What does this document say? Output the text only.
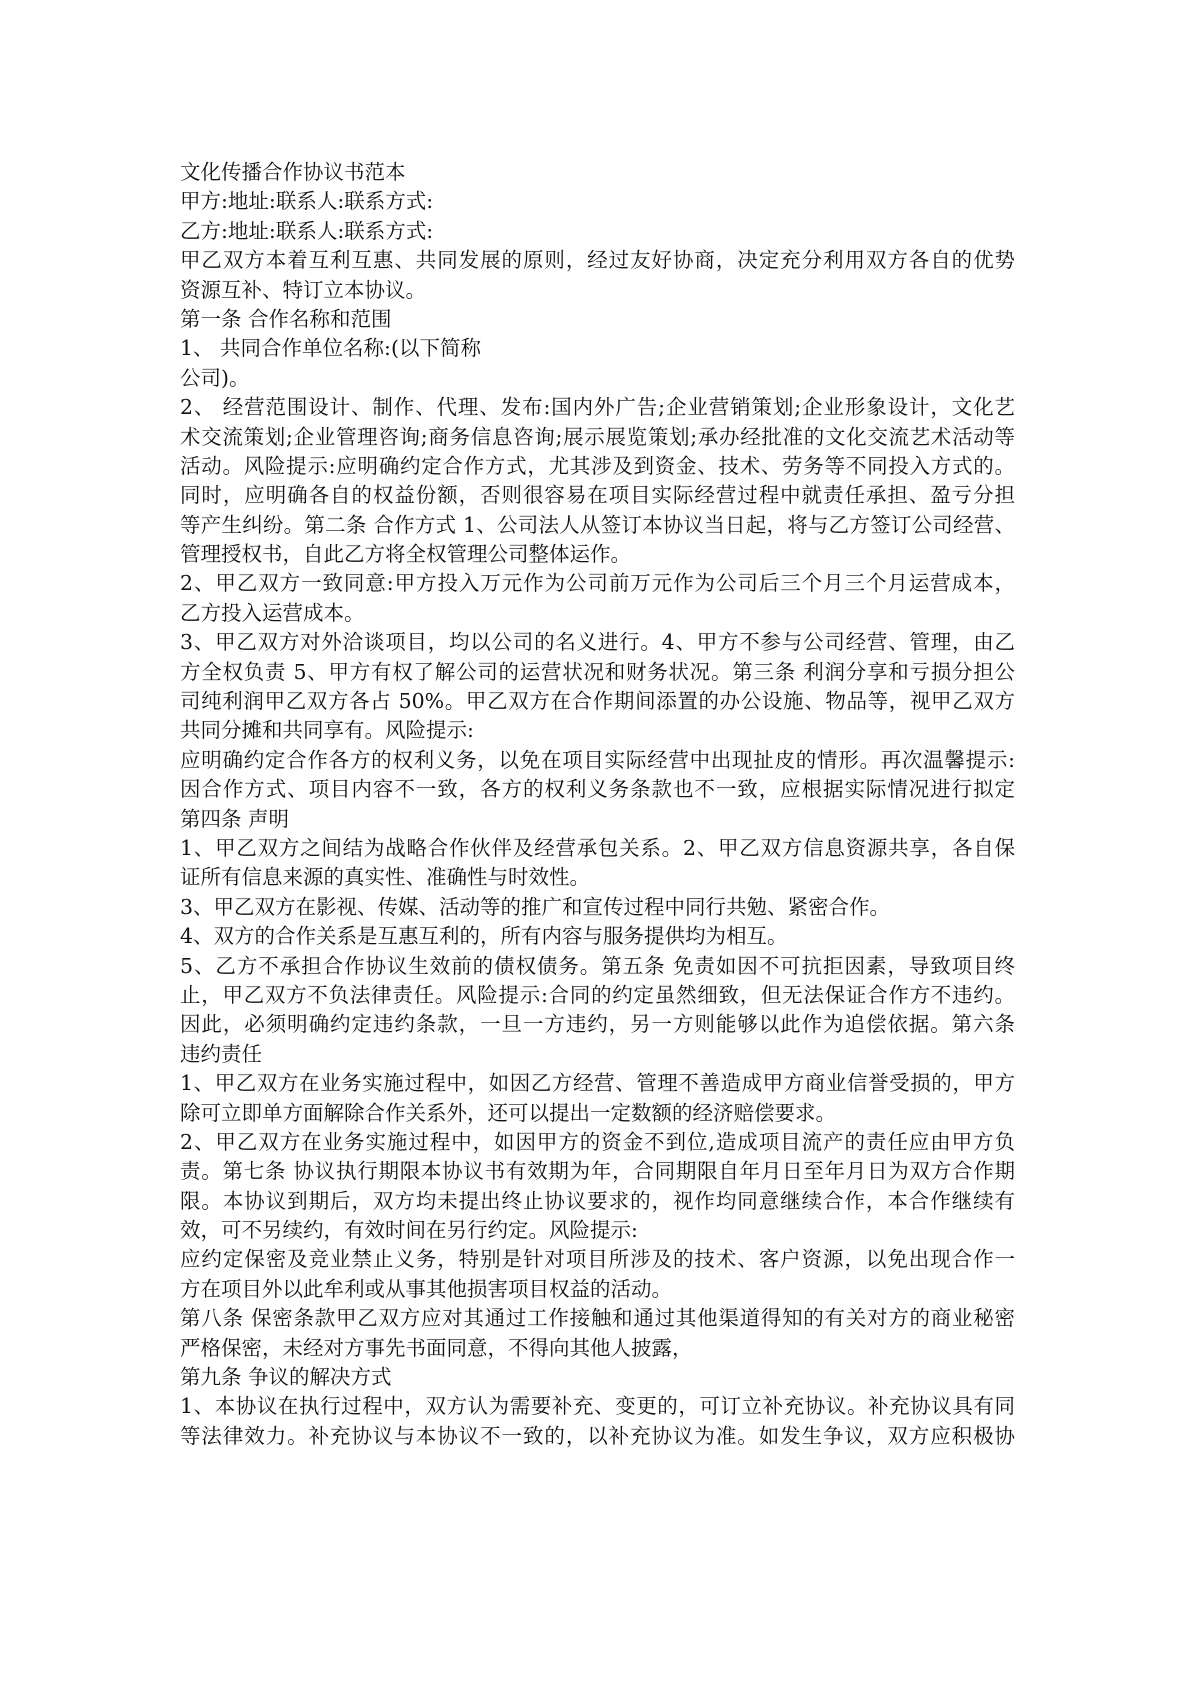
文化传播合作协议书范本
甲方:地址:联系人:联系方式:
乙方:地址:联系人:联系方式:
甲乙双方本着互利互惠、共同发展的原则，经过友好协商，决定充分利用双方各自的优势
资源互补、特订立本协议。
第一条 合作名称和范围
1、 共同合作单位名称:(以下简称
公司)。
2、 经营范围设计、制作、代理、发布:国内外广告;企业营销策划;企业形象设计，文化艺
术交流策划;企业管理咨询;商务信息咨询;展示展览策划;承办经批准的文化交流艺术活动等
活动。风险提示:应明确约定合作方式，尤其涉及到资金、技术、劳务等不同投入方式的。
同时，应明确各自的权益份额，否则很容易在项目实际经营过程中就责任承担、盈亏分担
等产生纠纷。第二条 合作方式 1、公司法人从签订本协议当日起，将与乙方签订公司经营、
管理授权书，自此乙方将全权管理公司整体运作。
2、甲乙双方一致同意:甲方投入万元作为公司前万元作为公司后三个月三个月运营成本，
乙方投入运营成本。
3、甲乙双方对外洽谈项目，均以公司的名义进行。4、甲方不参与公司经营、管理，由乙
方全权负责 5、甲方有权了解公司的运营状况和财务状况。第三条 利润分享和亏损分担公
司纯利润甲乙双方各占 50%。甲乙双方在合作期间添置的办公设施、物品等，视甲乙双方
共同分摊和共同享有。风险提示:
应明确约定合作各方的权利义务，以免在项目实际经营中出现扯皮的情形。再次温馨提示:
因合作方式、项目内容不一致，各方的权利义务条款也不一致，应根据实际情况进行拟定
第四条 声明
1、甲乙双方之间结为战略合作伙伴及经营承包关系。2、甲乙双方信息资源共享，各自保
证所有信息来源的真实性、准确性与时效性。
3、甲乙双方在影视、传媒、活动等的推广和宣传过程中同行共勉、紧密合作。
4、双方的合作关系是互惠互利的，所有内容与服务提供均为相互。
5、乙方不承担合作协议生效前的债权债务。第五条 免责如因不可抗拒因素，导致项目终
止，甲乙双方不负法律责任。风险提示:合同的约定虽然细致，但无法保证合作方不违约。
因此，必须明确约定违约条款，一旦一方违约，另一方则能够以此作为追偿依据。第六条
违约责任
1、甲乙双方在业务实施过程中，如因乙方经营、管理不善造成甲方商业信誉受损的，甲方
除可立即单方面解除合作关系外，还可以提出一定数额的经济赔偿要求。
2、甲乙双方在业务实施过程中，如因甲方的资金不到位,造成项目流产的责任应由甲方负
责。第七条 协议执行期限本协议书有效期为年，合同期限自年月日至年月日为双方合作期
限。本协议到期后，双方均未提出终止协议要求的，视作均同意继续合作，本合作继续有
效，可不另续约，有效时间在另行约定。风险提示:
应约定保密及竞业禁止义务，特别是针对项目所涉及的技术、客户资源，以免出现合作一
方在项目外以此牟利或从事其他损害项目权益的活动。
第八条 保密条款甲乙双方应对其通过工作接触和通过其他渠道得知的有关对方的商业秘密
严格保密，未经对方事先书面同意，不得向其他人披露，
第九条 争议的解决方式
1、本协议在执行过程中，双方认为需要补充、变更的，可订立补充协议。补充协议具有同
等法律效力。补充协议与本协议不一致的，以补充协议为准。如发生争议，双方应积极协
